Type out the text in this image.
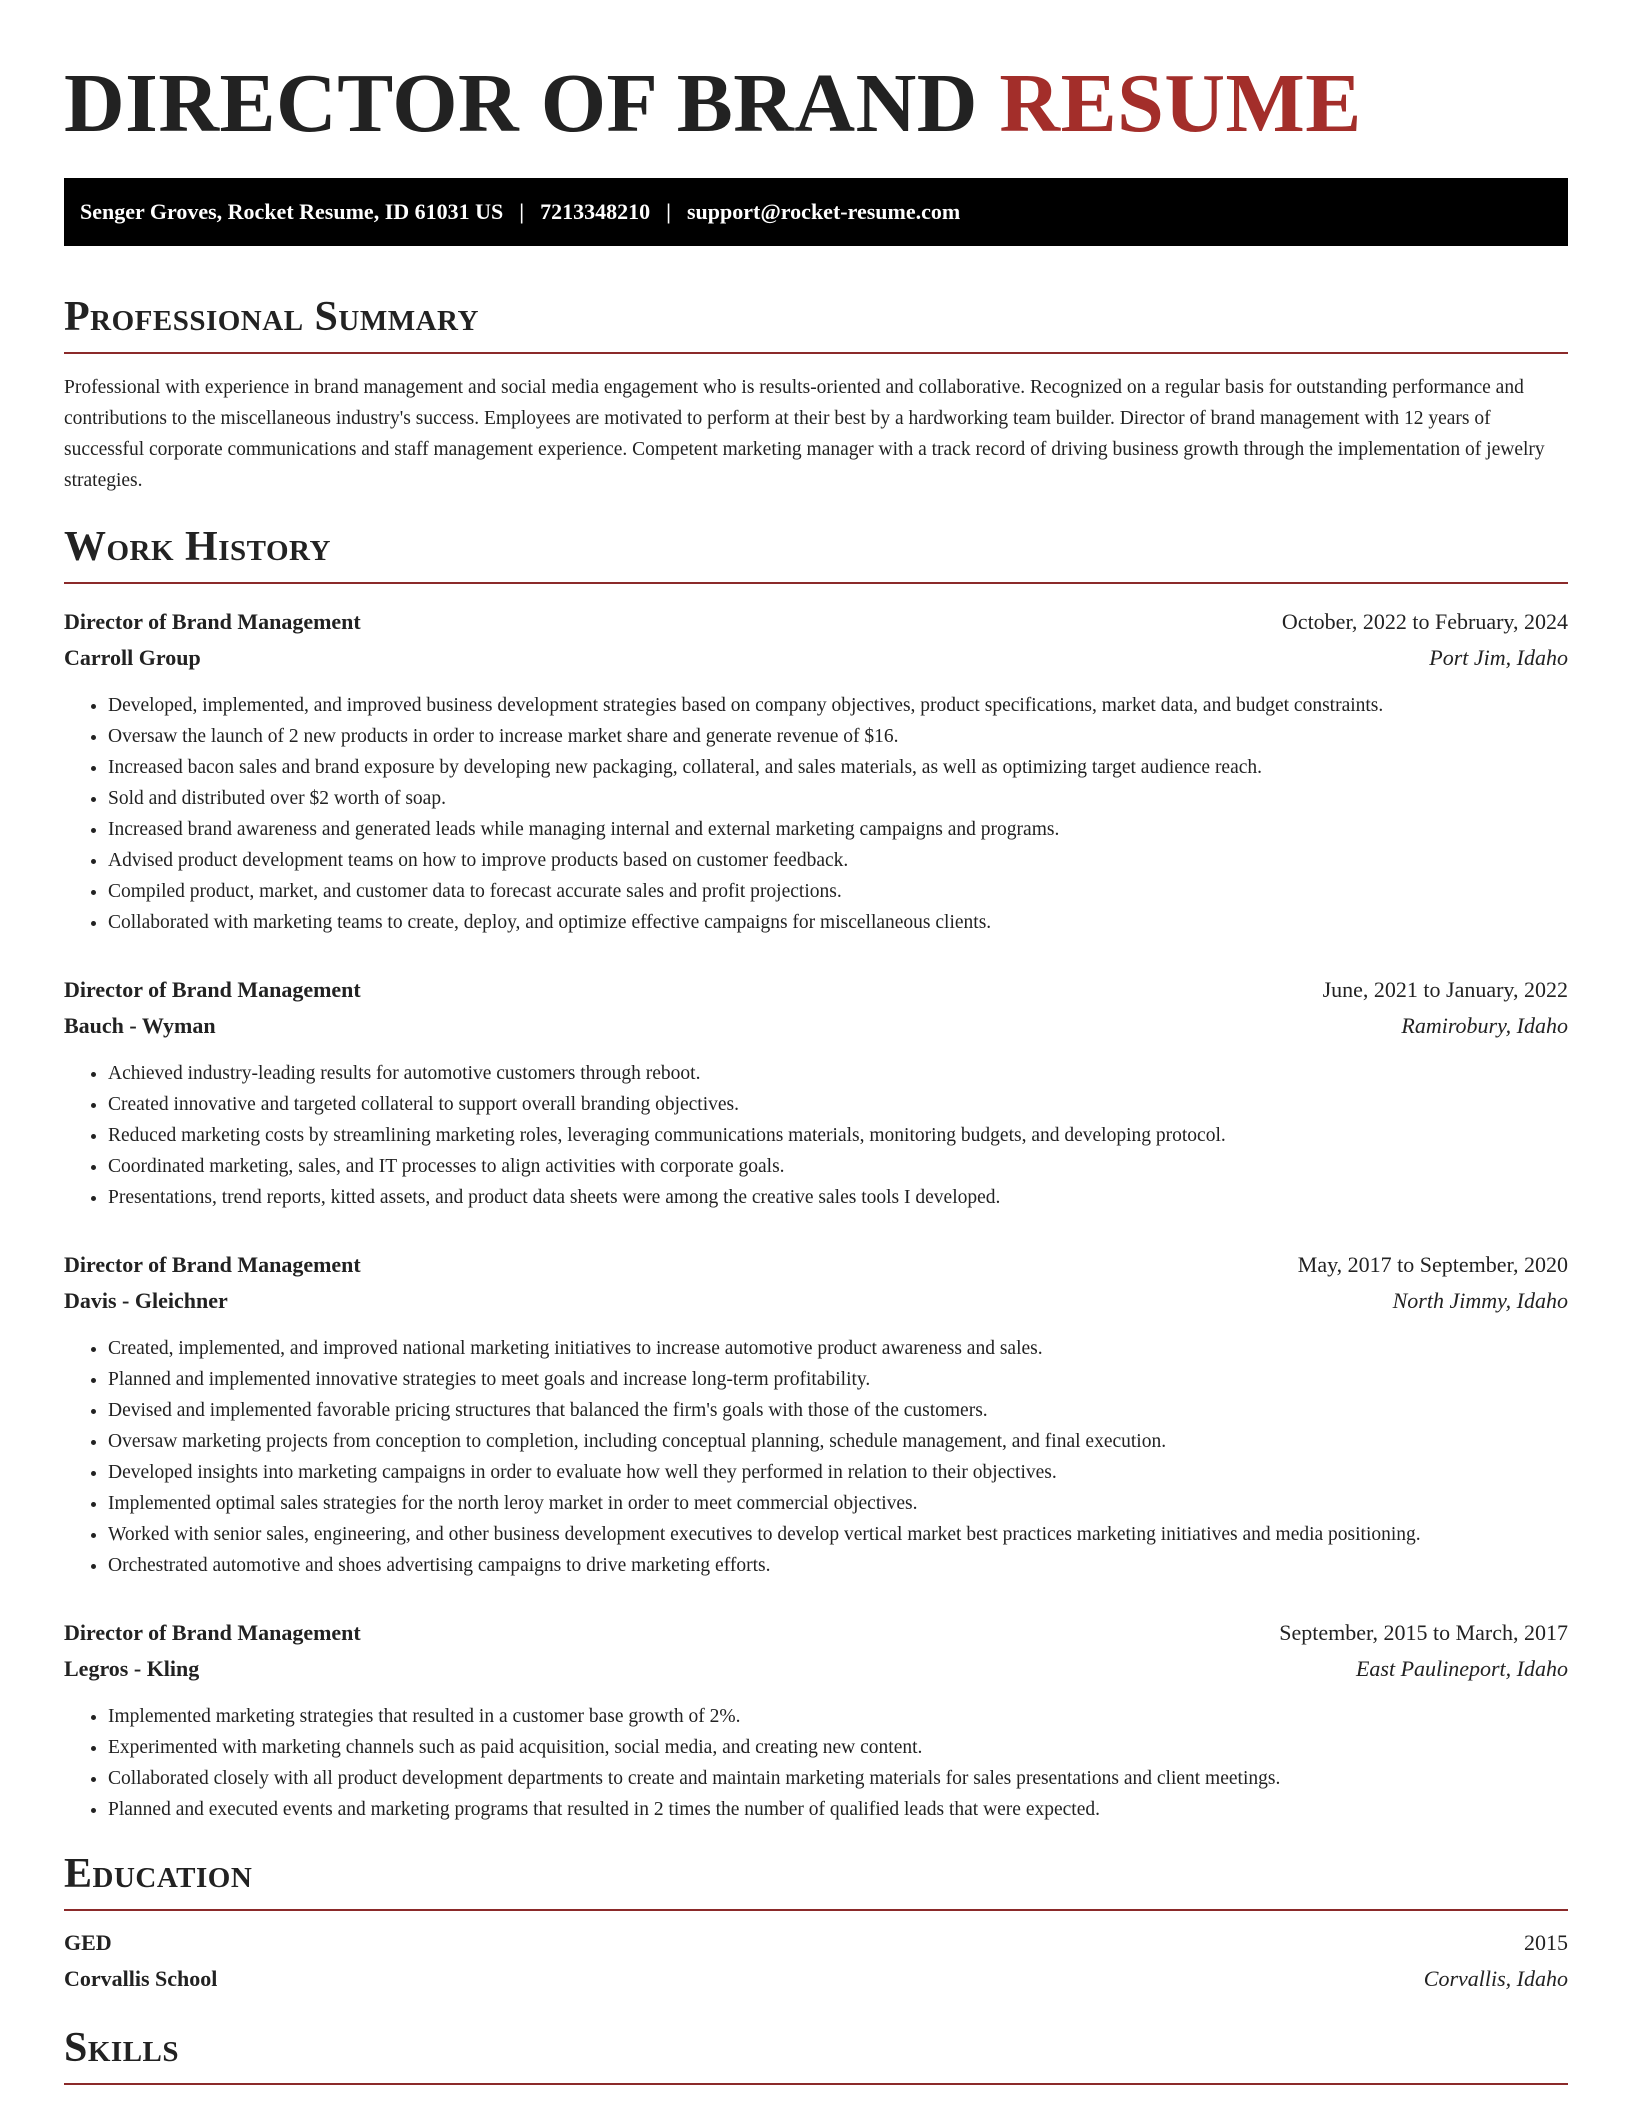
DIRECTOR OF BRAND RESUME
Senger Groves, Rocket Resume, ID 61031 US | 7213348210 | support@rocket-resume.com
Professional Summary

Professional with experience in brand management and social media engagement who is results-oriented and collaborative. Recognized on a regular basis for outstanding performance and contributions to the miscellaneous industry's success. Employees are motivated to perform at their best by a hardworking team builder. Director of brand management with 12 years of successful corporate communications and staff management experience. Competent marketing manager with a track record of driving business growth through the implementation of jewelry strategies.

Work History
Director of Brand Management	October, 2022 to February, 2024
Carroll Group	Port Jim, Idaho
• Developed, implemented, and improved business development strategies based on company objectives, product specifications, market data, and budget constraints.
• Oversaw the launch of 2 new products in order to increase market share and generate revenue of $16.
• Increased bacon sales and brand exposure by developing new packaging, collateral, and sales materials, as well as optimizing target audience reach.
• Sold and distributed over $2 worth of soap.
• Increased brand awareness and generated leads while managing internal and external marketing campaigns and programs.
• Advised product development teams on how to improve products based on customer feedback.
• Compiled product, market, and customer data to forecast accurate sales and profit projections.
• Collaborated with marketing teams to create, deploy, and optimize effective campaigns for miscellaneous clients.
Director of Brand Management	June, 2021 to January, 2022
Bauch - Wyman	Ramirobury, Idaho
• Achieved industry-leading results for automotive customers through reboot.
• Created innovative and targeted collateral to support overall branding objectives.
• Reduced marketing costs by streamlining marketing roles, leveraging communications materials, monitoring budgets, and developing protocol.
• Coordinated marketing, sales, and IT processes to align activities with corporate goals.
• Presentations, trend reports, kitted assets, and product data sheets were among the creative sales tools I developed.
Director of Brand Management	May, 2017 to September, 2020
Davis - Gleichner	North Jimmy, Idaho
• Created, implemented, and improved national marketing initiatives to increase automotive product awareness and sales.
• Planned and implemented innovative strategies to meet goals and increase long-term profitability.
• Devised and implemented favorable pricing structures that balanced the firm's goals with those of the customers.
• Oversaw marketing projects from conception to completion, including conceptual planning, schedule management, and final execution.
• Developed insights into marketing campaigns in order to evaluate how well they performed in relation to their objectives.
• Implemented optimal sales strategies for the north leroy market in order to meet commercial objectives.
• Worked with senior sales, engineering, and other business development executives to develop vertical market best practices marketing initiatives and media positioning.
• Orchestrated automotive and shoes advertising campaigns to drive marketing efforts.
Director of Brand Management	September, 2015 to March, 2017
Legros - Kling	East Paulineport, Idaho
• Implemented marketing strategies that resulted in a customer base growth of 2%.
• Experimented with marketing channels such as paid acquisition, social media, and creating new content.
• Collaborated closely with all product development departments to create and maintain marketing materials for sales presentations and client meetings.
• Planned and executed events and marketing programs that resulted in 2 times the number of qualified leads that were expected.
Education
GED	2015
Corvallis School	Corvallis, Idaho
Skills
